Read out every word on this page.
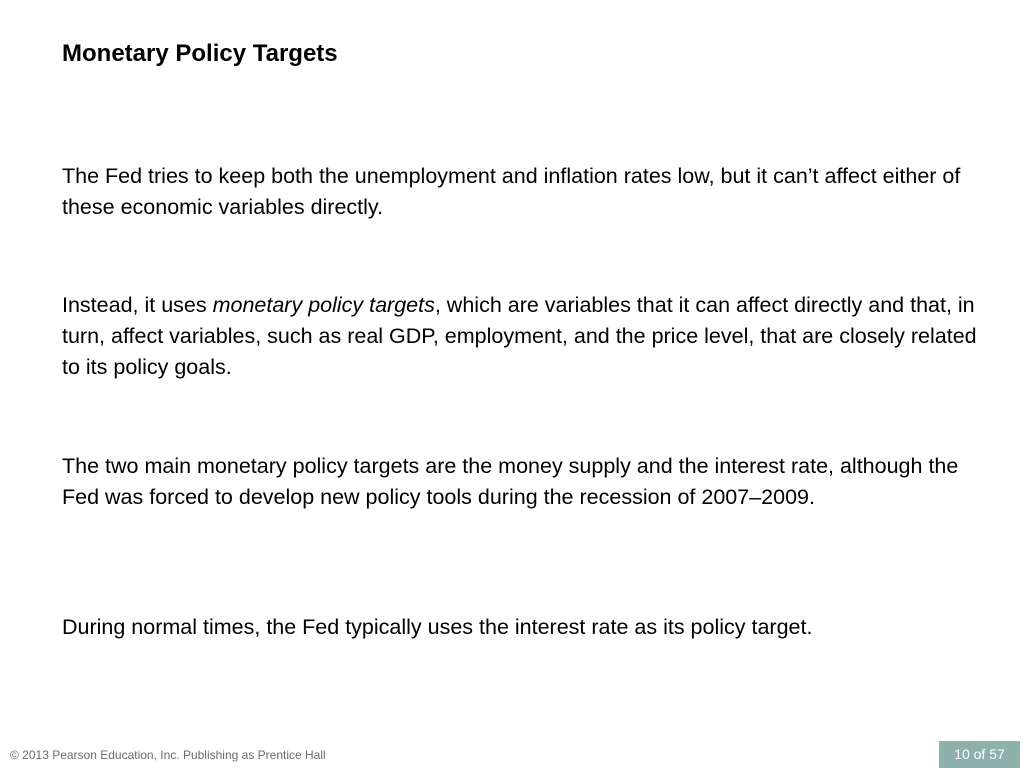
Monetary Policy Targets

The Fed tries to keep both the unemployment and inflation rates low, but it can’t affect either of these economic variables directly.

Instead, it uses monetary policy targets, which are variables that it can affect directly and that, in turn, affect variables, such as real GDP, employment, and the price level, that are closely related to its policy goals.

The two main monetary policy targets are the money supply and the interest rate, although the Fed was forced to develop new policy tools during the recession of 2007–2009.

During normal times, the Fed typically uses the interest rate as its policy target.

© 2013 Pearson Education, Inc. Publishing as Prentice Hall	10 of 57
